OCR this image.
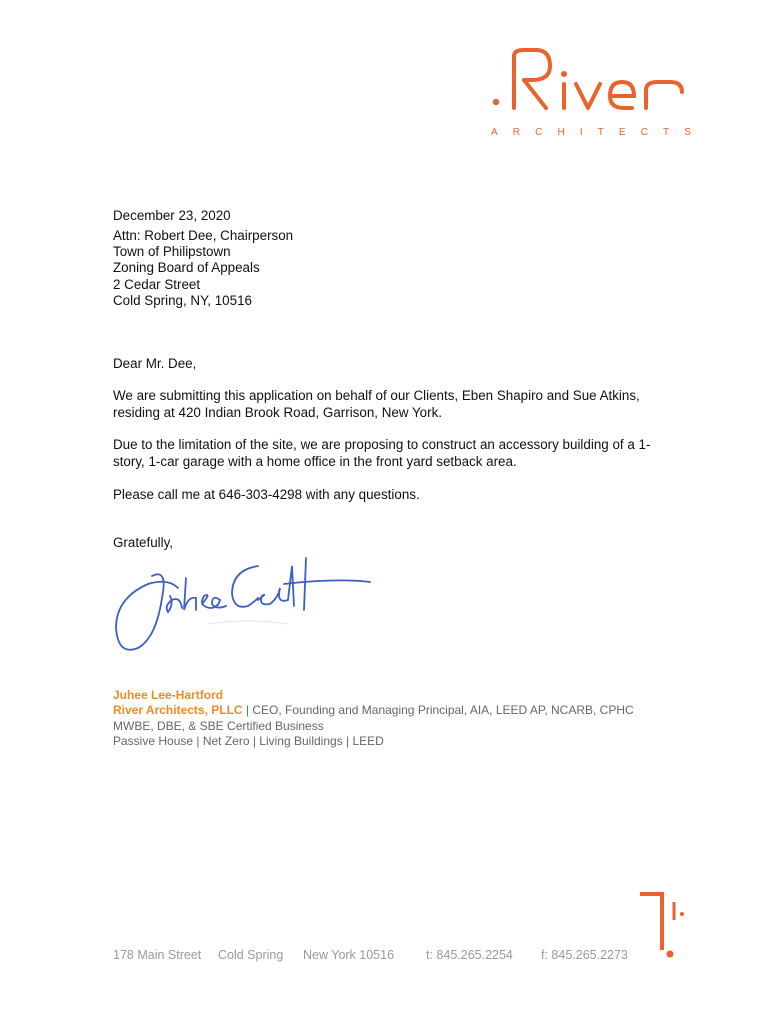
A R C H I T E C T S

December 23, 2020

Attn: Robert Dee, Chairperson

Town of Philipstown

Zoning Board of Appeals

2 Cedar Street

Cold Spring, NY, 10516

Dear Mr. Dee,

We are submitting this application on behalf of our Clients, Eben Shapiro and Sue Atkins, residing at 420 Indian Brook Road, Garrison, New York.

Due to the limitation of the site, we are proposing to construct an accessory building of a 1-story, 1-car garage with a home office in the front yard setback area.

Please call me at 646-303-4298 with any questions.

Gratefully,

Juhee Lee-Hartford
River Architects, PLLC | CEO, Founding and Managing Principal, AIA, LEED AP, NCARB, CPHC
MWBE, DBE, & SBE Certified Business
Passive House | Net Zero | Living Buildings | LEED
178 Main Street Cold Spring New York 10516	t: 845.265.2254 f: 845.265.2273
